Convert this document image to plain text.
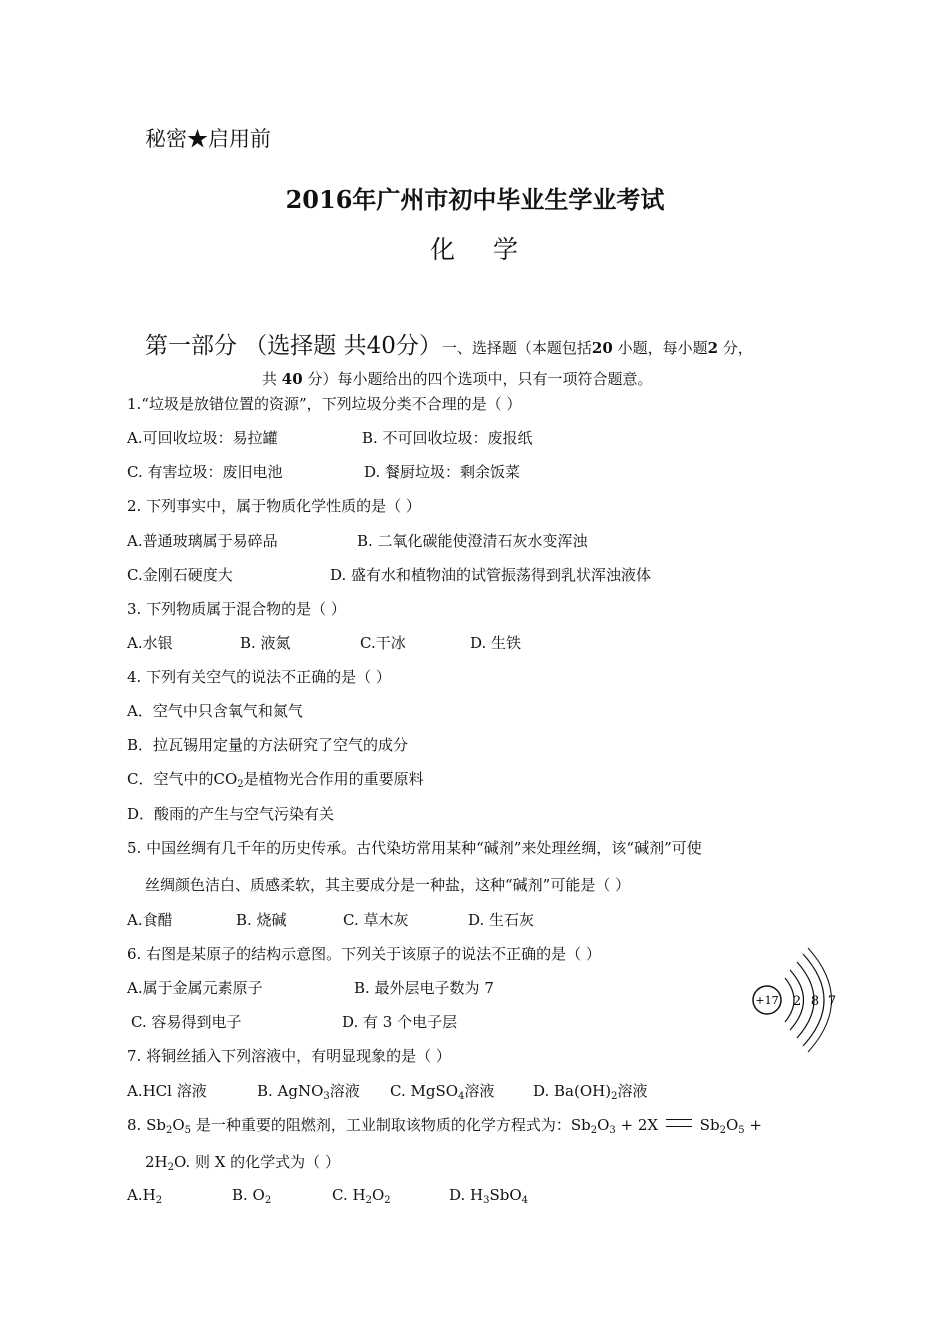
秘密★启用前
2016年广州市初中毕业生学业考试
化 学
第一部分 （选择题 共40分）一、选择题（本题包括20 小题，每小题2 分，
共 40 分）每小题给出的四个选项中，只有一项符合题意。
1.“垃圾是放错位置的资源”，下列垃圾分类不合理的是（ ）
A.可回收垃圾：易拉罐	B. 不可回收垃圾：废报纸
C. 有害垃圾：废旧电池	D. 餐厨垃圾：剩余饭菜
2. 下列事实中，属于物质化学性质的是（ ）
A.普通玻璃属于易碎品	B. 二氧化碳能使澄清石灰水变浑浊
C.金刚石硬度大	D. 盛有水和植物油的试管振荡得到乳状浑浊液体
3. 下列物质属于混合物的是（ ）
A.水银	B. 液氮	C.干冰	D. 生铁
4. 下列有关空气的说法不正确的是（ ）
A．空气中只含氧气和氮气
B．拉瓦锡用定量的方法研究了空气的成分
C．空气中的$CO_2$是植物光合作用的重要原料
D．酸雨的产生与空气污染有关
5. 中国丝绸有几千年的历史传承。古代染坊常用某种“碱剂”来处理丝绸，该“碱剂”可使
丝绸颜色洁白、质感柔软，其主要成分是一种盐，这种“碱剂”可能是（ ）
A.食醋	B. 烧碱	C. 草木灰	D. 生石灰
6. 右图是某原子的结构示意图。下列关于该原子的说法不正确的是（ ）
A.属于金属元素原子	B. 最外层电子数为 7
C. 容易得到电子	D. 有 3 个电子层
+17 2 8 7
7. 将铜丝插入下列溶液中，有明显现象的是（ ）
A.HCl 溶液	B. AgNO$_3$溶液 C. MgSO$_4$溶液	D. $Ba(OH)_2$溶液
8. $Sb_2O_5$ 是一种重要的阻燃剂，工业制取该物质的化学方程式为：$Sb_2O_3 + 2X$	$Sb_2O_5$ +
$2H_2O$. 则 X 的化学式为（ ）
$A.H_2$	B. $O_2$	C. $H_2O_2$	D. $H_3SbO_4$
